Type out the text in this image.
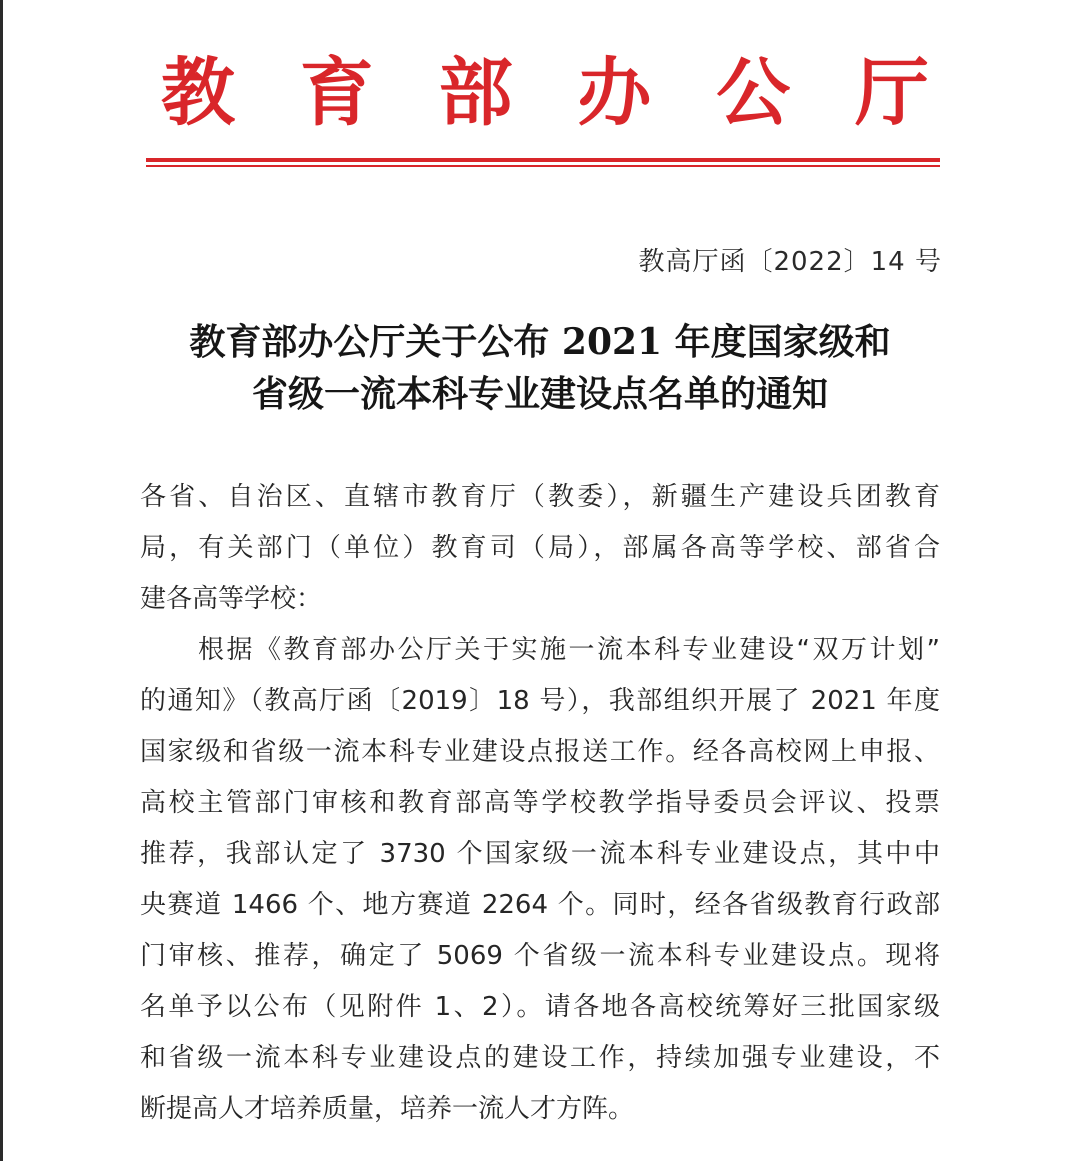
教 育 部 办 公 厅
教高厅函〔2022〕14 号
教育部办公厅关于公布 2021 年度国家级和
省级一流本科专业建设点名单的通知
各省、自治区、直辖市教育厅（教委），新疆生产建设兵团教育
局，有关部门（单位）教育司（局），部属各高等学校、部省合
建各高等学校：
根据《教育部办公厅关于实施一流本科专业建设“双万计划”
的通知》（教高厅函〔2019〕18 号），我部组织开展了 2021 年度
国家级和省级一流本科专业建设点报送工作。经各高校网上申报、
高校主管部门审核和教育部高等学校教学指导委员会评议、投票
推荐，我部认定了 3730 个国家级一流本科专业建设点，其中中
央赛道 1466 个、地方赛道 2264 个。同时，经各省级教育行政部
门审核、推荐，确定了 5069 个省级一流本科专业建设点。现将
名单予以公布（见附件 1、2）。请各地各高校统筹好三批国家级
和省级一流本科专业建设点的建设工作，持续加强专业建设，不
断提高人才培养质量，培养一流人才方阵。
